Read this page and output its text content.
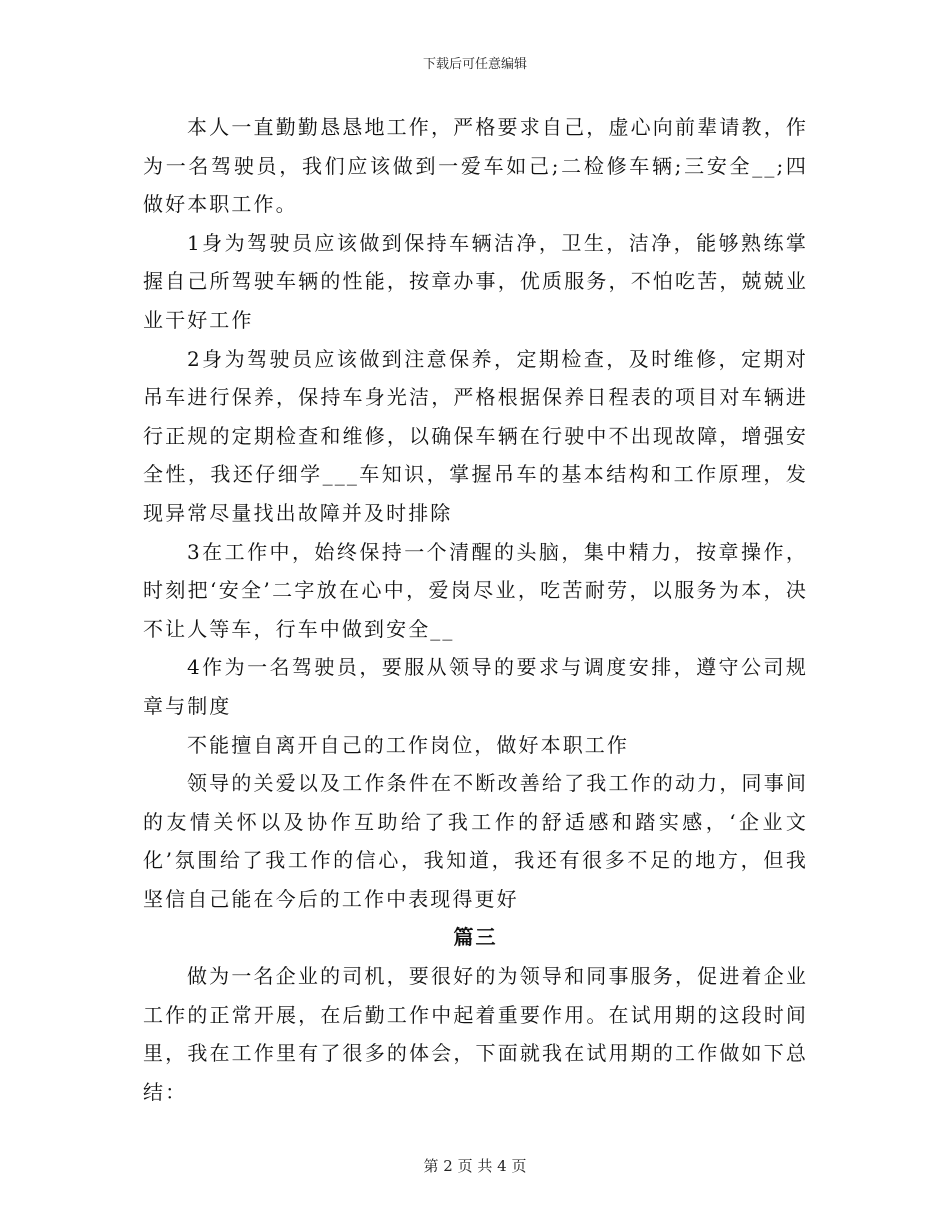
下载后可任意编辑

本人一直勤勤恳恳地工作，严格要求自己，虚心向前辈请教，作为一名驾驶员，我们应该做到一爱车如己;二检修车辆;三安全__;四做好本职工作。

1身为驾驶员应该做到保持车辆洁净，卫生，洁净，能够熟练掌握自己所驾驶车辆的性能，按章办事，优质服务，不怕吃苦，兢兢业业干好工作

2身为驾驶员应该做到注意保养，定期检查，及时维修，定期对吊车进行保养，保持车身光洁，严格根据保养日程表的项目对车辆进行正规的定期检查和维修，以确保车辆在行驶中不出现故障，增强安全性，我还仔细学___车知识，掌握吊车的基本结构和工作原理，发现异常尽量找出故障并及时排除

3在工作中，始终保持一个清醒的头脑，集中精力，按章操作，时刻把‘安全’二字放在心中，爱岗尽业，吃苦耐劳，以服务为本，决不让人等车，行车中做到安全__

4作为一名驾驶员，要服从领导的要求与调度安排，遵守公司规章与制度

不能擅自离开自己的工作岗位，做好本职工作

领导的关爱以及工作条件在不断改善给了我工作的动力，同事间的友情关怀以及协作互助给了我工作的舒适感和踏实感，‘企业文化’氛围给了我工作的信心，我知道，我还有很多不足的地方，但我坚信自己能在今后的工作中表现得更好

篇三

做为一名企业的司机，要很好的为领导和同事服务，促进着企业工作的正常开展，在后勤工作中起着重要作用。在试用期的这段时间里，我在工作里有了很多的体会，下面就我在试用期的工作做如下总结：

第 2 页 共 4 页
